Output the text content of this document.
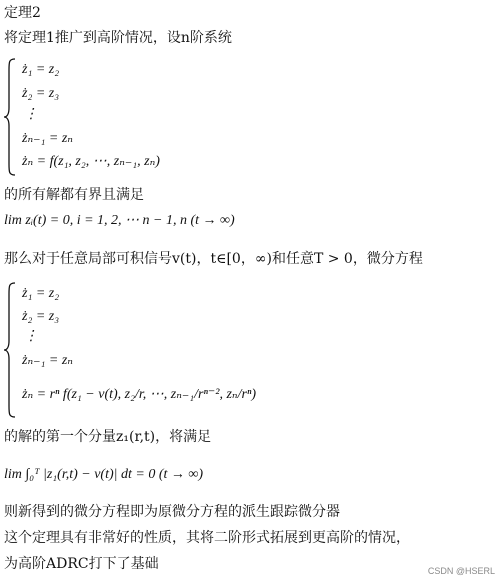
定理2
将定理1推广到高阶情况，设n阶系统
ż₁ = z₂
ż₂ = z₃
⋮
żₙ₋₁ = zₙ
żₙ = f(z₁, z₂, ⋯, zₙ₋₁, zₙ)
的所有解都有界且满足
lim zᵢ(t) = 0, i = 1, 2, ⋯ n − 1, n (t → ∞)
那么对于任意局部可积信号v(t)，t∈[0，∞)和任意T > 0，微分方程
ż₁ = z₂
ż₂ = z₃
⋮
żₙ₋₁ = zₙ
żₙ = rⁿ f(z₁ − v(t), z₂/r, ⋯, zₙ₋₁/rⁿ⁻², zₙ/rⁿ)
的解的第一个分量z₁(r,t)，将满足
lim ∫₀ᵀ |z₁(r,t) − v(t)| dt = 0 (t → ∞)
则新得到的微分方程即为原微分方程的派生跟踪微分器
这个定理具有非常好的性质，其将二阶形式拓展到更高阶的情况，
为高阶ADRC打下了基础	CSDN @HSERL
